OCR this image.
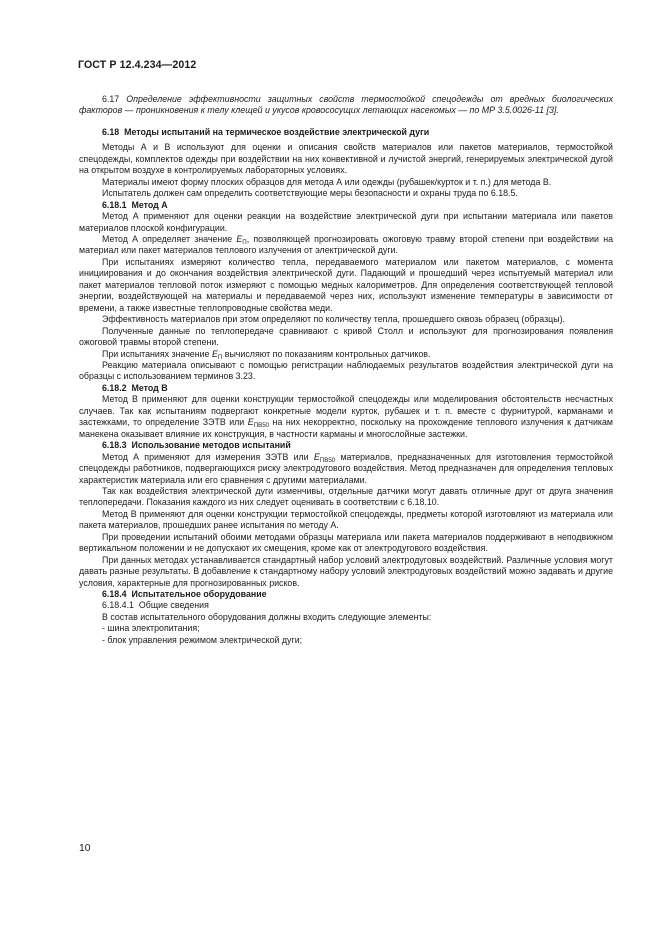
ГОСТ Р 12.4.234—2012

6.17 Определение эффективности защитных свойств термостойкой спецодежды от вредных биологических факторов — проникновения к телу клещей и укусов кровососущих летающих насекомых — по МР 3.5.0026-11 [3].

6.18 Методы испытаний на термическое воздействие электрической дуги

Методы А и В используют для оценки и описания свойств материалов или пакетов материалов, термостойкой спецодежды, комплектов одежды при воздействии на них конвективной и лучистой энергий, генерируемых электрической дугой на открытом воздухе в контролируемых лабораторных условиях.

Материалы имеют форму плоских образцов для метода А или одежды (рубашек/курток и т. п.) для метода В.

Испытатель должен сам определить соответствующие меры безопасности и охраны труда по 6.18.5.

6.18.1 Метод А

Метод А применяют для оценки реакции на воздействие электрической дуги при испытании материала или пакетов материалов плоской конфигурации.

Метод А определяет значение $E_П$, позволяющей прогнозировать ожоговую травму второй степени при воздействии на материал или пакет материалов теплового излучения от электрической дуги.

При испытаниях измеряют количество тепла, передаваемого материалом или пакетом материалов, с момента инициирования и до окончания воздействия электрической дуги. Падающий и прошедший через испытуемый материал или пакет материалов тепловой поток измеряют с помощью медных калориметров. Для определения соответствующей тепловой энергии, воздействующей на материалы и передаваемой через них, используют изменение температуры в зависимости от времени, а также известные теплопроводные свойства меди.

Эффективность материалов при этом определяют по количеству тепла, прошедшего сквозь образец (образцы).

Полученные данные по теплопередаче сравнивают с кривой Столл и используют для прогнозирования появления ожоговой травмы второй степени.

При испытаниях значение $E_П$ вычисляют по показаниям контрольных датчиков.

Реакцию материала описывают с помощью регистрации наблюдаемых результатов воздействия электрической дуги на образцы с использованием терминов 3.23.

6.18.2 Метод В

Метод В применяют для оценки конструкции термостойкой спецодежды или моделирования обстоятельств несчастных случаев. Так как испытаниям подвергают конкретные модели курток, рубашек и т. п. вместе с фурнитурой, карманами и застежками, то определение ЗЭТВ или $E_{ПВ50}$ на них некорректно, поскольку на прохождение теплового излучения к датчикам манекена оказывает влияние их конструкция, в частности карманы и многослойные застежки.

6.18.3 Использование методов испытаний

Метод А применяют для измерения ЗЭТВ или $E_{ПВ50}$ материалов, предназначенных для изготовления термостойкой спецодежды работников, подвергающихся риску электродугового воздействия. Метод предназначен для определения тепловых характеристик материала или его сравнения с другими материалами.

Так как воздействия электрической дуги изменчивы, отдельные датчики могут давать отличные друг от друга значения теплопередачи. Показания каждого из них следует оценивать в соответствии с 6.18.10.

Метод В применяют для оценки конструкции термостойкой спецодежды, предметы которой изготовляют из материала или пакета материалов, прошедших ранее испытания по методу А.

При проведении испытаний обоими методами образцы материала или пакета материалов поддерживают в неподвижном вертикальном положении и не допускают их смещения, кроме как от электродугового воздействия.

При данных методах устанавливается стандартный набор условий электродуговых воздействий. Различные условия могут давать разные результаты. В добавление к стандартному набору условий электродуговых воздействий можно задавать и другие условия, характерные для прогнозированных рисков.

6.18.4 Испытательное оборудование

6.18.4.1 Общие сведения

В состав испытательного оборудования должны входить следующие элементы:

- шина электропитания;

- блок управления режимом электрической дуги;

10
